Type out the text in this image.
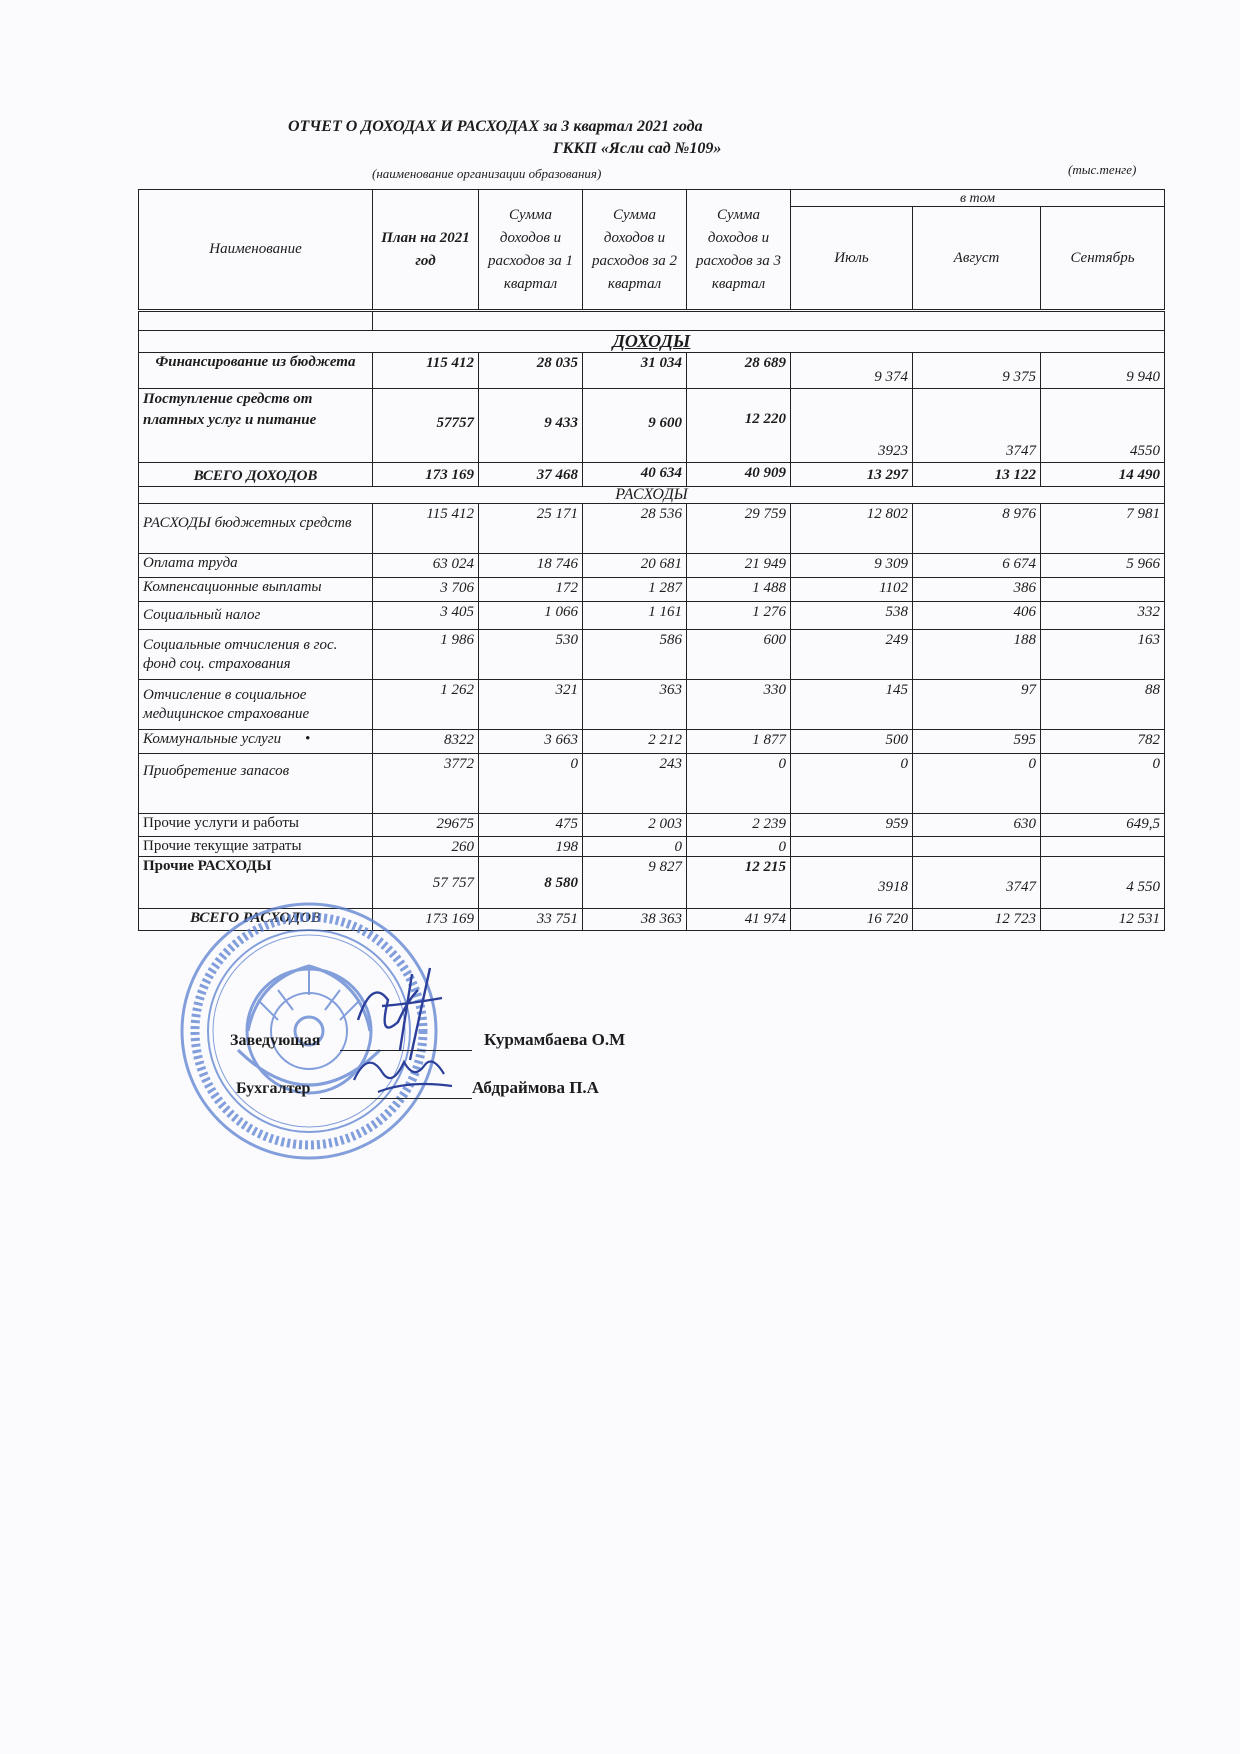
ОТЧЕТ О ДОХОДАХ И РАСХОДАХ за 3 квартал 2021 года
ГККП «Ясли сад №109»
(наименование организации образования)	(тыс.тенге)
Наименование	План на 2021 год	Сумма доходов и расходов за 1 квартал	Сумма доходов и расходов за 2 квартал	Сумма доходов и расходов за 3 квартал	в том		
					Июль	Август	Сентябрь

ДОХОДЫ							
Финансирование из бюджета	115 412	28 035	31 034	28 689	9 374	9 375	9 940
Поступление средств от платных услуг и питание	57757	9 433	9 600	12 220	3923	3747	4550
ВСЕГО ДОХОДОВ	173 169	37 468	40 634	40 909	13 297	13 122	14 490
РАСХОДЫ							
РАСХОДЫ бюджетных средств	115 412	25 171	28 536	29 759	12 802	8 976	7 981
Оплата труда	63 024	18 746	20 681	21 949	9 309	6 674	5 966
Компенсационные выплаты	3 706	172	1 287	1 488	1102	386	
Социальный налог	3 405	1 066	1 161	1 276	538	406	332
Социальные отчисления в гос. фонд соц. страхования	1 986	530	586	600	249	188	163
Отчисление в социальное медицинское страхование	1 262	321	363	330	145	97	88
Коммунальные услуги •	8322	3 663	2 212	1 877	500	595	782
Приобретение запасов	3772	0	243	0	0	0	0
Прочие услуги и работы	29675	475	2 003	2 239	959	630	649,5
Прочие текущие затраты	260	198	0	0			
Прочие РАСХОДЫ	57 757	8 580	9 827	12 215	3918	3747	4 550
ВСЕГО РАСХОДОВ	173 169	33 751	38 363	41 974	16 720	12 723	12 531
Заведующая	Курмамбаева О.М
Бухгалтер	Абдраймова П.А
